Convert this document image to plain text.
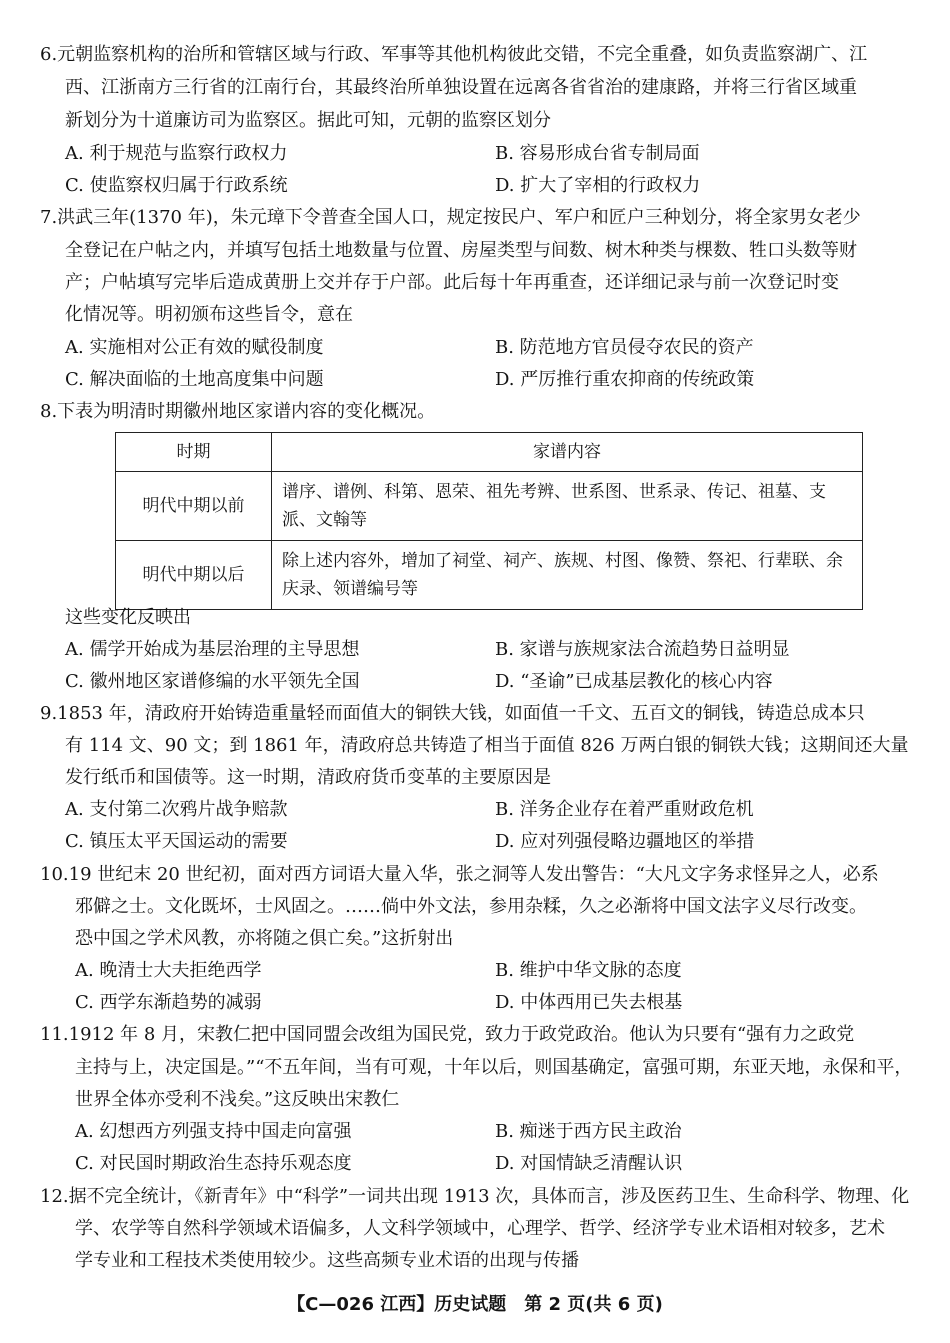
6.元朝监察机构的治所和管辖区域与行政、军事等其他机构彼此交错，不完全重叠，如负责监察湖广、江
西、江浙南方三行省的江南行台，其最终治所单独设置在远离各省省治的建康路，并将三行省区域重
新划分为十道廉访司为监察区。据此可知，元朝的监察区划分
A. 利于规范与监察行政权力	B. 容易形成台省专制局面
C. 使监察权归属于行政系统	D. 扩大了宰相的行政权力
7.洪武三年(1370 年)，朱元璋下令普查全国人口，规定按民户、军户和匠户三种划分，将全家男女老少
全登记在户帖之内，并填写包括土地数量与位置、房屋类型与间数、树木种类与棵数、牲口头数等财
产；户帖填写完毕后造成黄册上交并存于户部。此后每十年再重查，还详细记录与前一次登记时变
化情况等。明初颁布这些旨令，意在
A. 实施相对公正有效的赋役制度	B. 防范地方官员侵夺农民的资产
C. 解决面临的土地高度集中问题	D. 严厉推行重农抑商的传统政策
8.下表为明清时期徽州地区家谱内容的变化概况。
时期	家谱内容
明代中期以前	谱序、谱例、科第、恩荣、祖先考辨、世系图、世系录、传记、祖墓、支派、文翰等
明代中期以后	除上述内容外，增加了祠堂、祠产、族规、村图、像赞、祭祀、行辈联、余庆录、领谱编号等
这些变化反映出
A. 儒学开始成为基层治理的主导思想	B. 家谱与族规家法合流趋势日益明显
C. 徽州地区家谱修编的水平领先全国	D. “圣谕”已成基层教化的核心内容
9.1853 年，清政府开始铸造重量轻而面值大的铜铁大钱，如面值一千文、五百文的铜钱，铸造总成本只
有 114 文、90 文；到 1861 年，清政府总共铸造了相当于面值 826 万两白银的铜铁大钱；这期间还大量
发行纸币和国债等。这一时期，清政府货币变革的主要原因是
A. 支付第二次鸦片战争赔款	B. 洋务企业存在着严重财政危机
C. 镇压太平天国运动的需要	D. 应对列强侵略边疆地区的举措
10.19 世纪末 20 世纪初，面对西方词语大量入华，张之洞等人发出警告：“大凡文字务求怪异之人，必系
邪僻之士。文化既坏，士风固之。……倘中外文法，参用杂糅，久之必渐将中国文法字义尽行改变。
恐中国之学术风教，亦将随之俱亡矣。”这折射出
A. 晚清士大夫拒绝西学	B. 维护中华文脉的态度
C. 西学东渐趋势的减弱	D. 中体西用已失去根基
11.1912 年 8 月，宋教仁把中国同盟会改组为国民党，致力于政党政治。他认为只要有“强有力之政党
主持与上，决定国是。”“不五年间，当有可观，十年以后，则国基确定，富强可期，东亚天地，永保和平，
世界全体亦受利不浅矣。”这反映出宋教仁
A. 幻想西方列强支持中国走向富强	B. 痴迷于西方民主政治
C. 对民国时期政治生态持乐观态度	D. 对国情缺乏清醒认识
12.据不完全统计，《新青年》中“科学”一词共出现 1913 次，具体而言，涉及医药卫生、生命科学、物理、化
学、农学等自然科学领域术语偏多，人文科学领域中，心理学、哲学、经济学专业术语相对较多，艺术
学专业和工程技术类使用较少。这些高频专业术语的出现与传播
【C—026 江西】历史试题　第 2 页(共 6 页)
